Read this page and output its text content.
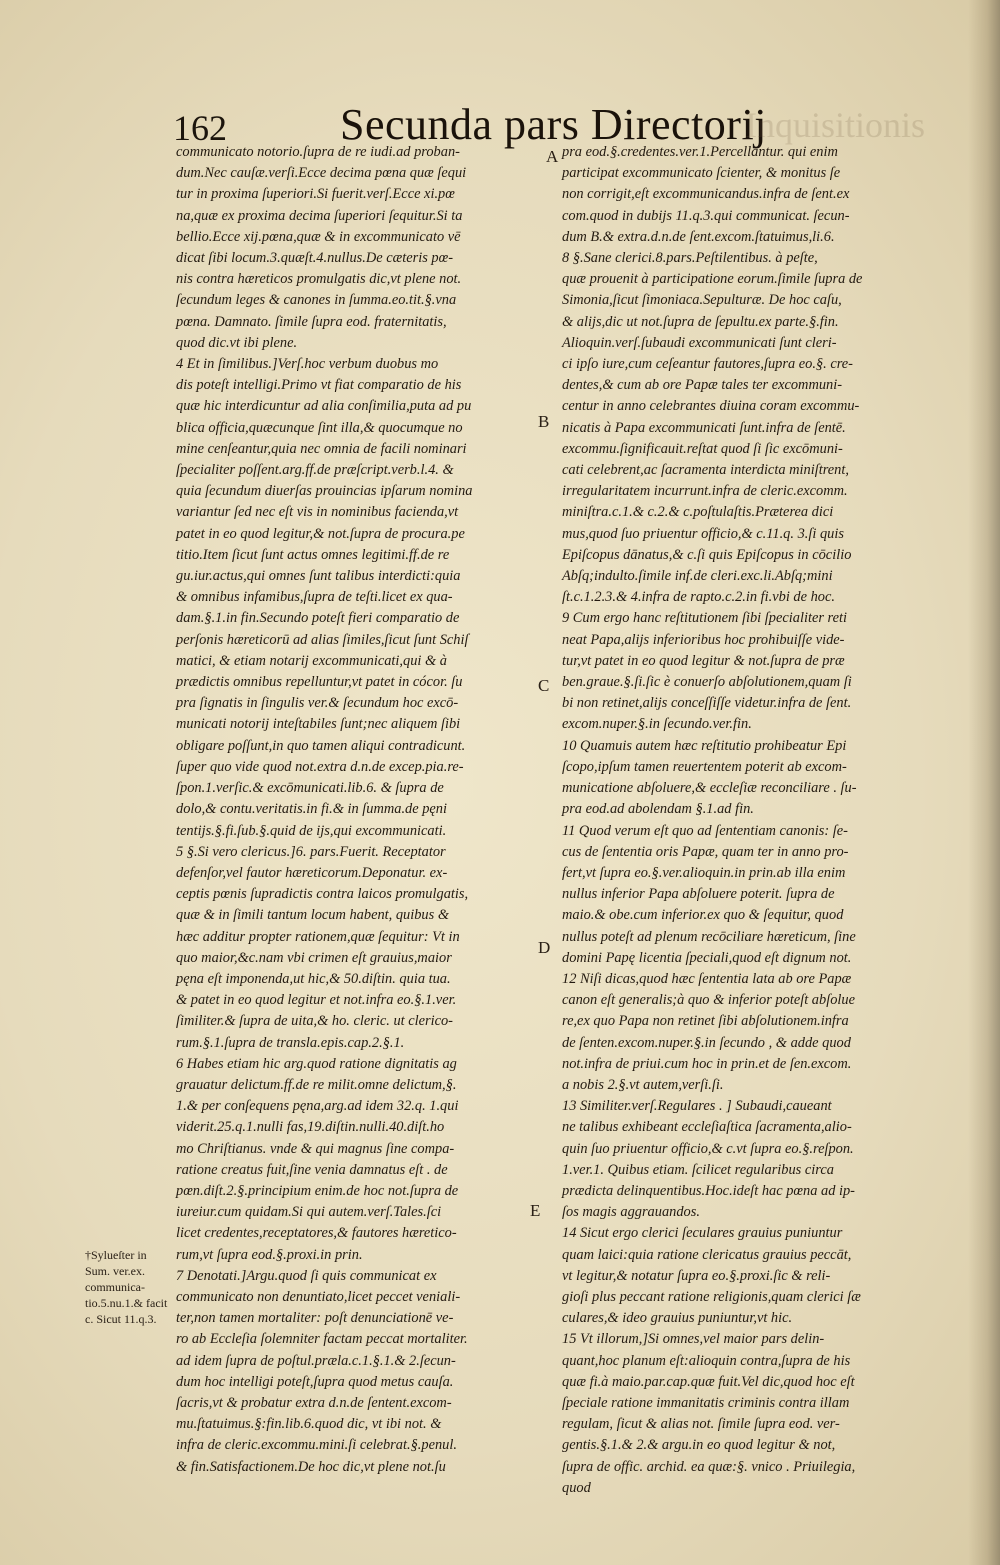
162	Secunda pars Directorij
Inquisitionis

communicato notorio.ſupra de re iudi.ad proban-

dum.Nec cauſæ.verſi.Ecce decima pœna quæ ſequi

tur in proxima ſuperiori.Si fuerit.verſ.Ecce xi.pœ

na,quæ ex proxima decima ſuperiori ſequitur.Si ta

bellio.Ecce xij.pœna,quæ & in excommunicato vē

dicat ſibi locum.3.quæſt.4.nullus.De cæteris pœ-

nis contra hæreticos promulgatis dic,vt plene not.

ſecundum leges & canones in ſumma.eo.tit.§.vna

pœna. Damnato. ſimile ſupra eod. fraternitatis,

quod dic.vt ibi plene.

4 Et in ſimilibus.]Verſ.hoc verbum duobus mo

dis poteſt intelligi.Primo vt fiat comparatio de his

quæ hic interdicuntur ad alia conſimilia,puta ad pu

blica officia,quæcunque ſint illa,& quocumque no

mine cenſeantur,quia nec omnia de facili nominari

ſpecialiter poſſent.arg.ff.de præſcript.verb.l.4. &

quia ſecundum diuerſas prouincias ipſarum nomina

variantur ſed nec eſt vis in nominibus facienda,vt

patet in eo quod legitur,& not.ſupra de procura.pe

titio.Item ſicut ſunt actus omnes legitimi.ff.de re

gu.iur.actus,qui omnes ſunt talibus interdicti:quia

& omnibus infamibus,ſupra de teſti.licet ex qua-

dam.§.1.in fin.Secundo poteſt fieri comparatio de

perſonis hæreticorū ad alias ſimiles,ſicut ſunt Schiſ

matici, & etiam notarij excommunicati,qui & à

prædictis omnibus repelluntur,vt patet in cócor. ſu

pra ſignatis in ſingulis ver.& ſecundum hoc excō-

municati notorij inteſtabiles ſunt;nec aliquem ſibi

obligare poſſunt,in quo tamen aliqui contradicunt.

ſuper quo vide quod not.extra d.n.de excep.pia.re-

ſpon.1.verſic.& excōmunicati.lib.6. & ſupra de

dolo,& contu.veritatis.in fi.& in ſumma.de pęni

tentijs.§.fi.ſub.§.quid de ijs,qui excommunicati.

5 §.Si vero clericus.]6. pars.Fuerit. Receptator

defenſor,vel fautor hæreticorum.Deponatur. ex-

ceptis pœnis ſupradictis contra laicos promulgatis,

quæ & in ſimili tantum locum habent, quibus &

hæc additur propter rationem,quæ ſequitur: Vt in

quo maior,&c.nam vbi crimen eſt grauius,maior

pęna eſt imponenda,ut hic,& 50.diſtin. quia tua.

& patet in eo quod legitur et not.infra eo.§.1.ver.

ſimiliter.& ſupra de uita,& ho. cleric. ut clerico-

rum.§.1.ſupra de transla.epis.cap.2.§.1.

6 Habes etiam hic arg.quod ratione dignitatis ag

grauatur delictum.ff.de re milit.omne delictum,§.

1.& per conſequens pęna,arg.ad idem 32.q. 1.qui

viderit.25.q.1.nulli fas,19.diſtin.nulli.40.diſt.ho

mo Chriſtianus. vnde & qui magnus ſine compa-

ratione creatus fuit,ſine venia damnatus eſt . de

pœn.diſt.2.§.principium enim.de hoc not.ſupra de

iureiur.cum quidam.Si qui autem.verſ.Tales.ſci

licet credentes,receptatores,& fautores hæretico-

rum,vt ſupra eod.§.proxi.in prin.

7 Denotati.]Argu.quod ſi quis communicat ex

communicato non denuntiato,licet peccet veniali-

ter,non tamen mortaliter: poſt denunciationē ve-

ro ab Eccleſia ſolemniter factam peccat mortaliter.

ad idem ſupra de poſtul.præla.c.1.§.1.& 2.ſecun-

dum hoc intelligi poteſt,ſupra quod metus cauſa.

ſacris,vt & probatur extra d.n.de ſentent.excom-

mu.ſtatuimus.§:fin.lib.6.quod dic, vt ibi not. &

infra de cleric.excommu.mini.ſi celebrat.§.penul.

& fin.Satisfactionem.De hoc dic,vt plene not.ſu

pra eod.§.credentes.ver.1.Percellantur. qui enim

participat excommunicato ſcienter, & monitus ſe

non corrigit,eſt excommunicandus.infra de ſent.ex

com.quod in dubijs 11.q.3.qui communicat. ſecun-

dum B.& extra.d.n.de ſent.excom.ſtatuimus,li.6.

8 §.Sane clerici.8.pars.Peſtilentibus. à peſte,

quæ prouenit à participatione eorum.ſimile ſupra de

Simonia,ſicut ſimoniaca.Sepulturæ. De hoc caſu,

& alijs,dic ut not.ſupra de ſepultu.ex parte.§.fin.

Alioquin.verſ.ſubaudi excommunicati ſunt cleri-

ci ipſo iure,cum ceſeantur fautores,ſupra eo.§. cre-

dentes,& cum ab ore Papæ tales ter excommuni-

centur in anno celebrantes diuina coram excommu-

nicatis à Papa excommunicati ſunt.infra de ſentē.

excommu.ſignificauit.reſtat quod ſi ſic excōmuni-

cati celebrent,ac ſacramenta interdicta miniſtrent,

irregularitatem incurrunt.infra de cleric.excomm.

miniſtra.c.1.& c.2.& c.poſtulaſtis.Præterea dici

mus,quod ſuo priuentur officio,& c.11.q. 3.ſi quis

Epiſcopus dānatus,& c.ſi quis Epiſcopus in cōcilio

Abſq;indulto.ſimile inf.de cleri.exc.li.Abſq;mini

ſt.c.1.2.3.& 4.infra de rapto.c.2.in fi.vbi de hoc.

9 Cum ergo hanc reſtitutionem ſibi ſpecialiter reti

neat Papa,alijs inferioribus hoc prohibuiſſe vide-

tur,vt patet in eo quod legitur & not.ſupra de præ

ben.graue.§.ſi.ſic è conuerſo abſolutionem,quam ſi

bi non retinet,alijs conceſſiſſe videtur.infra de ſent.

excom.nuper.§.in ſecundo.ver.fin.

10 Quamuis autem hæc reſtitutio prohibeatur Epi

ſcopo,ipſum tamen reuertentem poterit ab excom-

municatione abſoluere,& eccleſiæ reconciliare . ſu-

pra eod.ad abolendam §.1.ad fin.

11 Quod verum eſt quo ad ſententiam canonis: ſe-

cus de ſententia oris Papæ, quam ter in anno pro-

fert,vt ſupra eo.§.ver.alioquin.in prin.ab illa enim

nullus inferior Papa abſoluere poterit. ſupra de

maio.& obe.cum inferior.ex quo & ſequitur, quod

nullus poteſt ad plenum recōciliare hæreticum, ſine

domini Papę licentia ſpeciali,quod eſt dignum not.

12 Niſi dicas,quod hæc ſententia lata ab ore Papæ

canon eſt generalis;à quo & inferior poteſt abſolue

re,ex quo Papa non retinet ſibi abſolutionem.infra

de ſenten.excom.nuper.§.in ſecundo , & adde quod

not.infra de priui.cum hoc in prin.et de ſen.excom.

a nobis 2.§.vt autem,verſi.ſi.

13 Similiter.verſ.Regulares . ] Subaudi,caueant

ne talibus exhibeant eccleſiaſtica ſacramenta,alio-

quin ſuo priuentur officio,& c.vt ſupra eo.§.reſpon.

1.ver.1. Quibus etiam. ſcilicet regularibus circa

prædicta delinquentibus.Hoc.ideſt hac pœna ad ip-

ſos magis aggrauandos.

14 Sicut ergo clerici ſeculares grauius puniuntur

quam laici:quia ratione clericatus grauius peccāt,

vt legitur,& notatur ſupra eo.§.proxi.ſic & reli-

gioſi plus peccant ratione religionis,quam clerici ſæ

culares,& ideo grauius puniuntur,vt hic.

15 Vt illorum,]Si omnes,vel maior pars delin-

quant,hoc planum eſt:alioquin contra,ſupra de his

quæ fi.à maio.par.cap.quæ fuit.Vel dic,quod hoc eſt

ſpeciale ratione immanitatis criminis contra illam

regulam, ſicut & alias not. ſimile ſupra eod. ver-

gentis.§.1.& 2.& argu.in eo quod legitur & not,

ſupra de offic. archid. ea quæ:§. vnico . Priuilegia,

quod

A
B
C
D
E

†Sylueſter in Sum. ver.ex. communica-tio.5.nu.1.& facit c. Sicut 11.q.3.
